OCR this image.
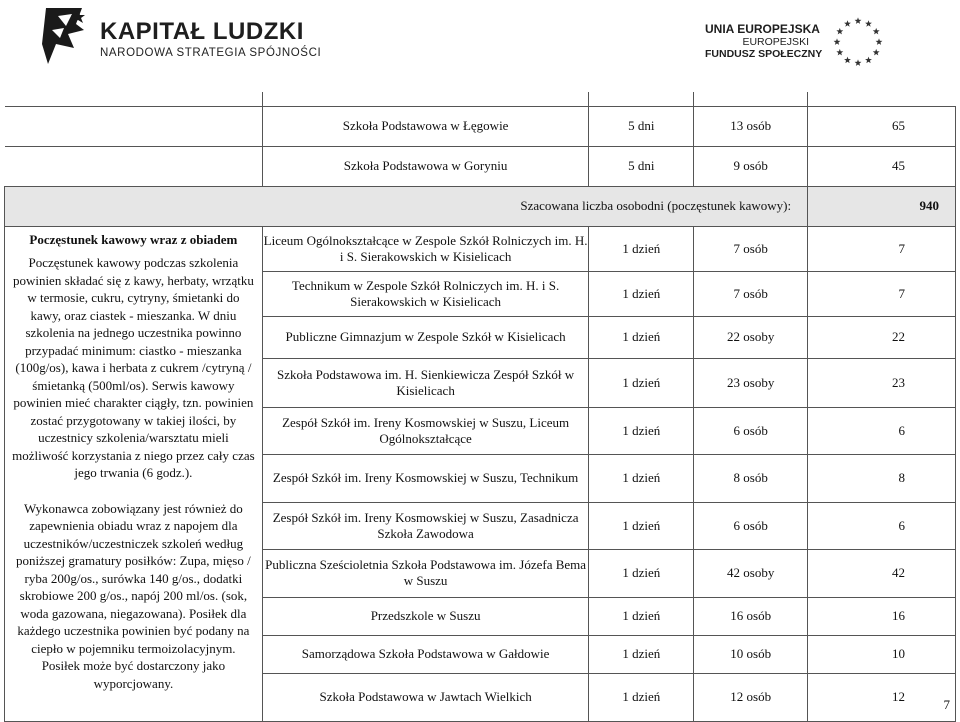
KAPITAŁ LUDZKI
NARODOWA STRATEGIA SPÓJNOŚCI
UNIA EUROPEJSKA
EUROPEJSKI
FUNDUSZ SPOŁECZNY

	Szkoła Podstawowa w Łęgowie	5 dni	13 osób	65
	Szkoła Podstawowa w Goryniu	5 dni	9 osób	45
Szacowana liczba osobodni (poczęstunek kawowy):				940

Poczęstunek kawowy wraz z obiadem

Poczęstunek kawowy podczas szkolenia powinien składać się z kawy, herbaty, wrzątku w termosie, cukru, cytryny, śmietanki do kawy, oraz ciastek - mieszanka. W dniu szkolenia na jednego uczestnika powinno przypadać minimum: ciastko - mieszanka (100g/os), kawa i herbata z cukrem /cytryną /śmietanką (500ml/os). Serwis kawowy powinien mieć charakter ciągły, tzn. powinien zostać przygotowany w takiej ilości, by uczestnicy szkolenia/warsztatu mieli możliwość korzystania z niego przez cały czas jego trwania (6 godz.).

Wykonawca zobowiązany jest również do zapewnienia obiadu wraz z napojem dla uczestników/uczestniczek szkoleń według poniższej gramatury posiłków: Zupa, mięso / ryba 200g/os., surówka 140 g/os., dodatki skrobiowe 200 g/os., napój 200 ml/os. (sok, woda gazowana, niegazowana). Posiłek dla każdego uczestnika powinien być podany na ciepło w pojemniku termoizolacyjnym. Posiłek może być dostarczony jako wyporcjowany.	Liceum Ogólnokształcące w Zespole Szkół Rolniczych im. H. i S. Sierakowskich w Kisielicach	1 dzień	7 osób	7
	Technikum w Zespole Szkół Rolniczych im. H. i S. Sierakowskich w Kisielicach	1 dzień	7 osób	7
	Publiczne Gimnazjum w Zespole Szkół w Kisielicach	1 dzień	22 osoby	22
	Szkoła Podstawowa im. H. Sienkiewicza Zespół Szkół w Kisielicach	1 dzień	23 osoby	23
	Zespół Szkół im. Ireny Kosmowskiej w Suszu, Liceum Ogólnokształcące	1 dzień	6 osób	6
	Zespół Szkół im. Ireny Kosmowskiej w Suszu, Technikum	1 dzień	8 osób	8
	Zespół Szkół im. Ireny Kosmowskiej w Suszu, Zasadnicza Szkoła Zawodowa	1 dzień	6 osób	6
	Publiczna Sześcioletnia Szkoła Podstawowa im. Józefa Bema w Suszu	1 dzień	42 osoby	42
	Przedszkole w Suszu	1 dzień	16 osób	16
	Samorządowa Szkoła Podstawowa w Gałdowie	1 dzień	10 osób	10
	Szkoła Podstawowa w Jawtach Wielkich	1 dzień	12 osób	12
7
